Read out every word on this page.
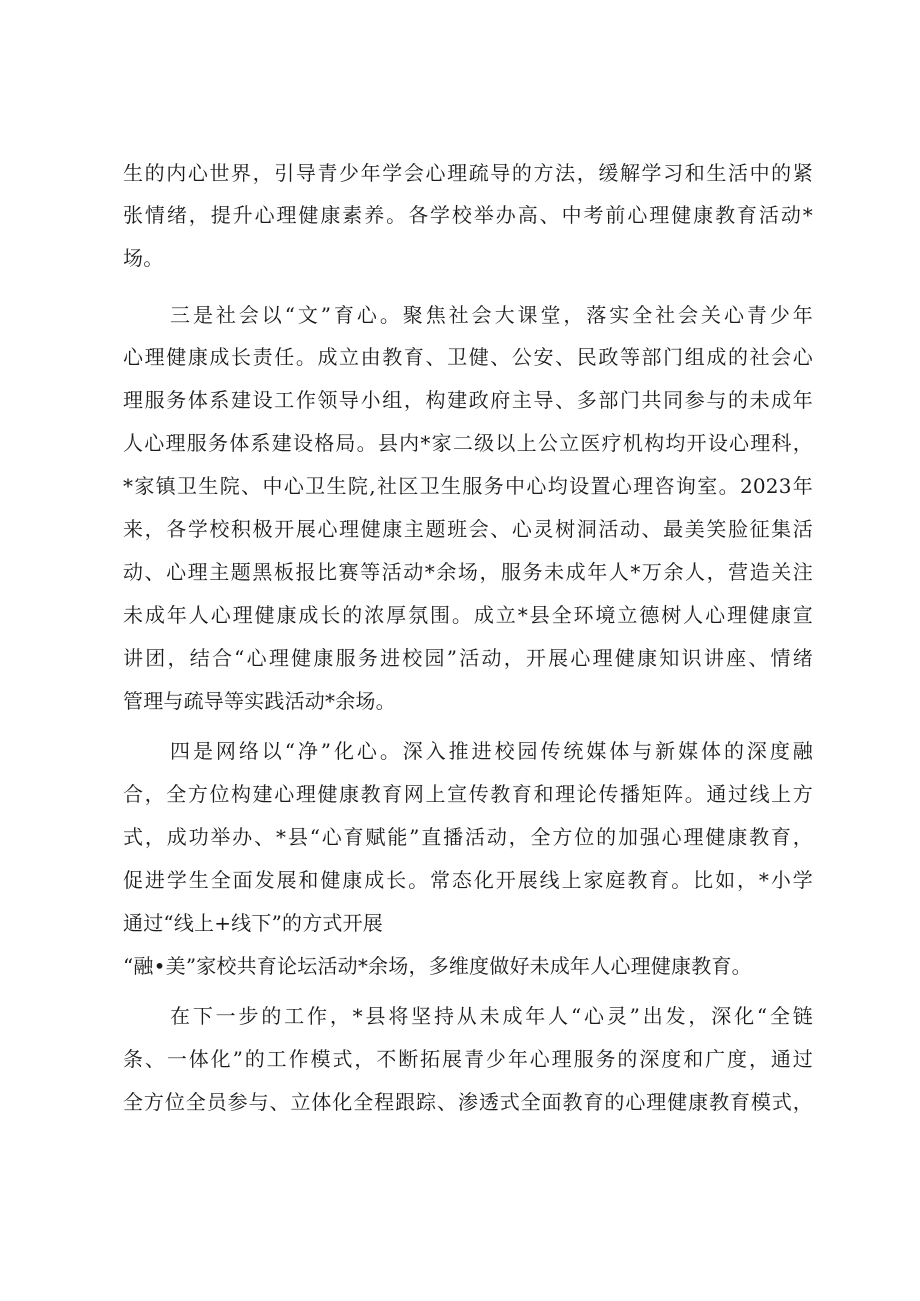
生的内心世界，引导青少年学会心理疏导的方法，缓解学习和生活中的紧
张情绪，提升心理健康素养。各学校举办高、中考前心理健康教育活动*
场。
三是社会以“文”育心。聚焦社会大课堂，落实全社会关心青少年
心理健康成长责任。成立由教育、卫健、公安、民政等部门组成的社会心
理服务体系建设工作领导小组，构建政府主导、多部门共同参与的未成年
人心理服务体系建设格局。县内*家二级以上公立医疗机构均开设心理科，
*家镇卫生院、中心卫生院,社区卫生服务中心均设置心理咨询室。2023年
来，各学校积极开展心理健康主题班会、心灵树洞活动、最美笑脸征集活
动、心理主题黑板报比赛等活动*余场，服务未成年人*万余人，营造关注
未成年人心理健康成长的浓厚氛围。成立*县全环境立德树人心理健康宣
讲团，结合“心理健康服务进校园”活动，开展心理健康知识讲座、情绪
管理与疏导等实践活动*余场。
四是网络以“净”化心。深入推进校园传统媒体与新媒体的深度融
合，全方位构建心理健康教育网上宣传教育和理论传播矩阵。通过线上方
式，成功举办、*县“心育赋能”直播活动，全方位的加强心理健康教育，
促进学生全面发展和健康成长。常态化开展线上家庭教育。比如，*小学
通过“线上+线下”的方式开展
“融•美”家校共育论坛活动*余场，多维度做好未成年人心理健康教育。
在下一步的工作，*县将坚持从未成年人“心灵”出发，深化“全链
条、一体化”的工作模式，不断拓展青少年心理服务的深度和广度，通过
全方位全员参与、立体化全程跟踪、渗透式全面教育的心理健康教育模式，
